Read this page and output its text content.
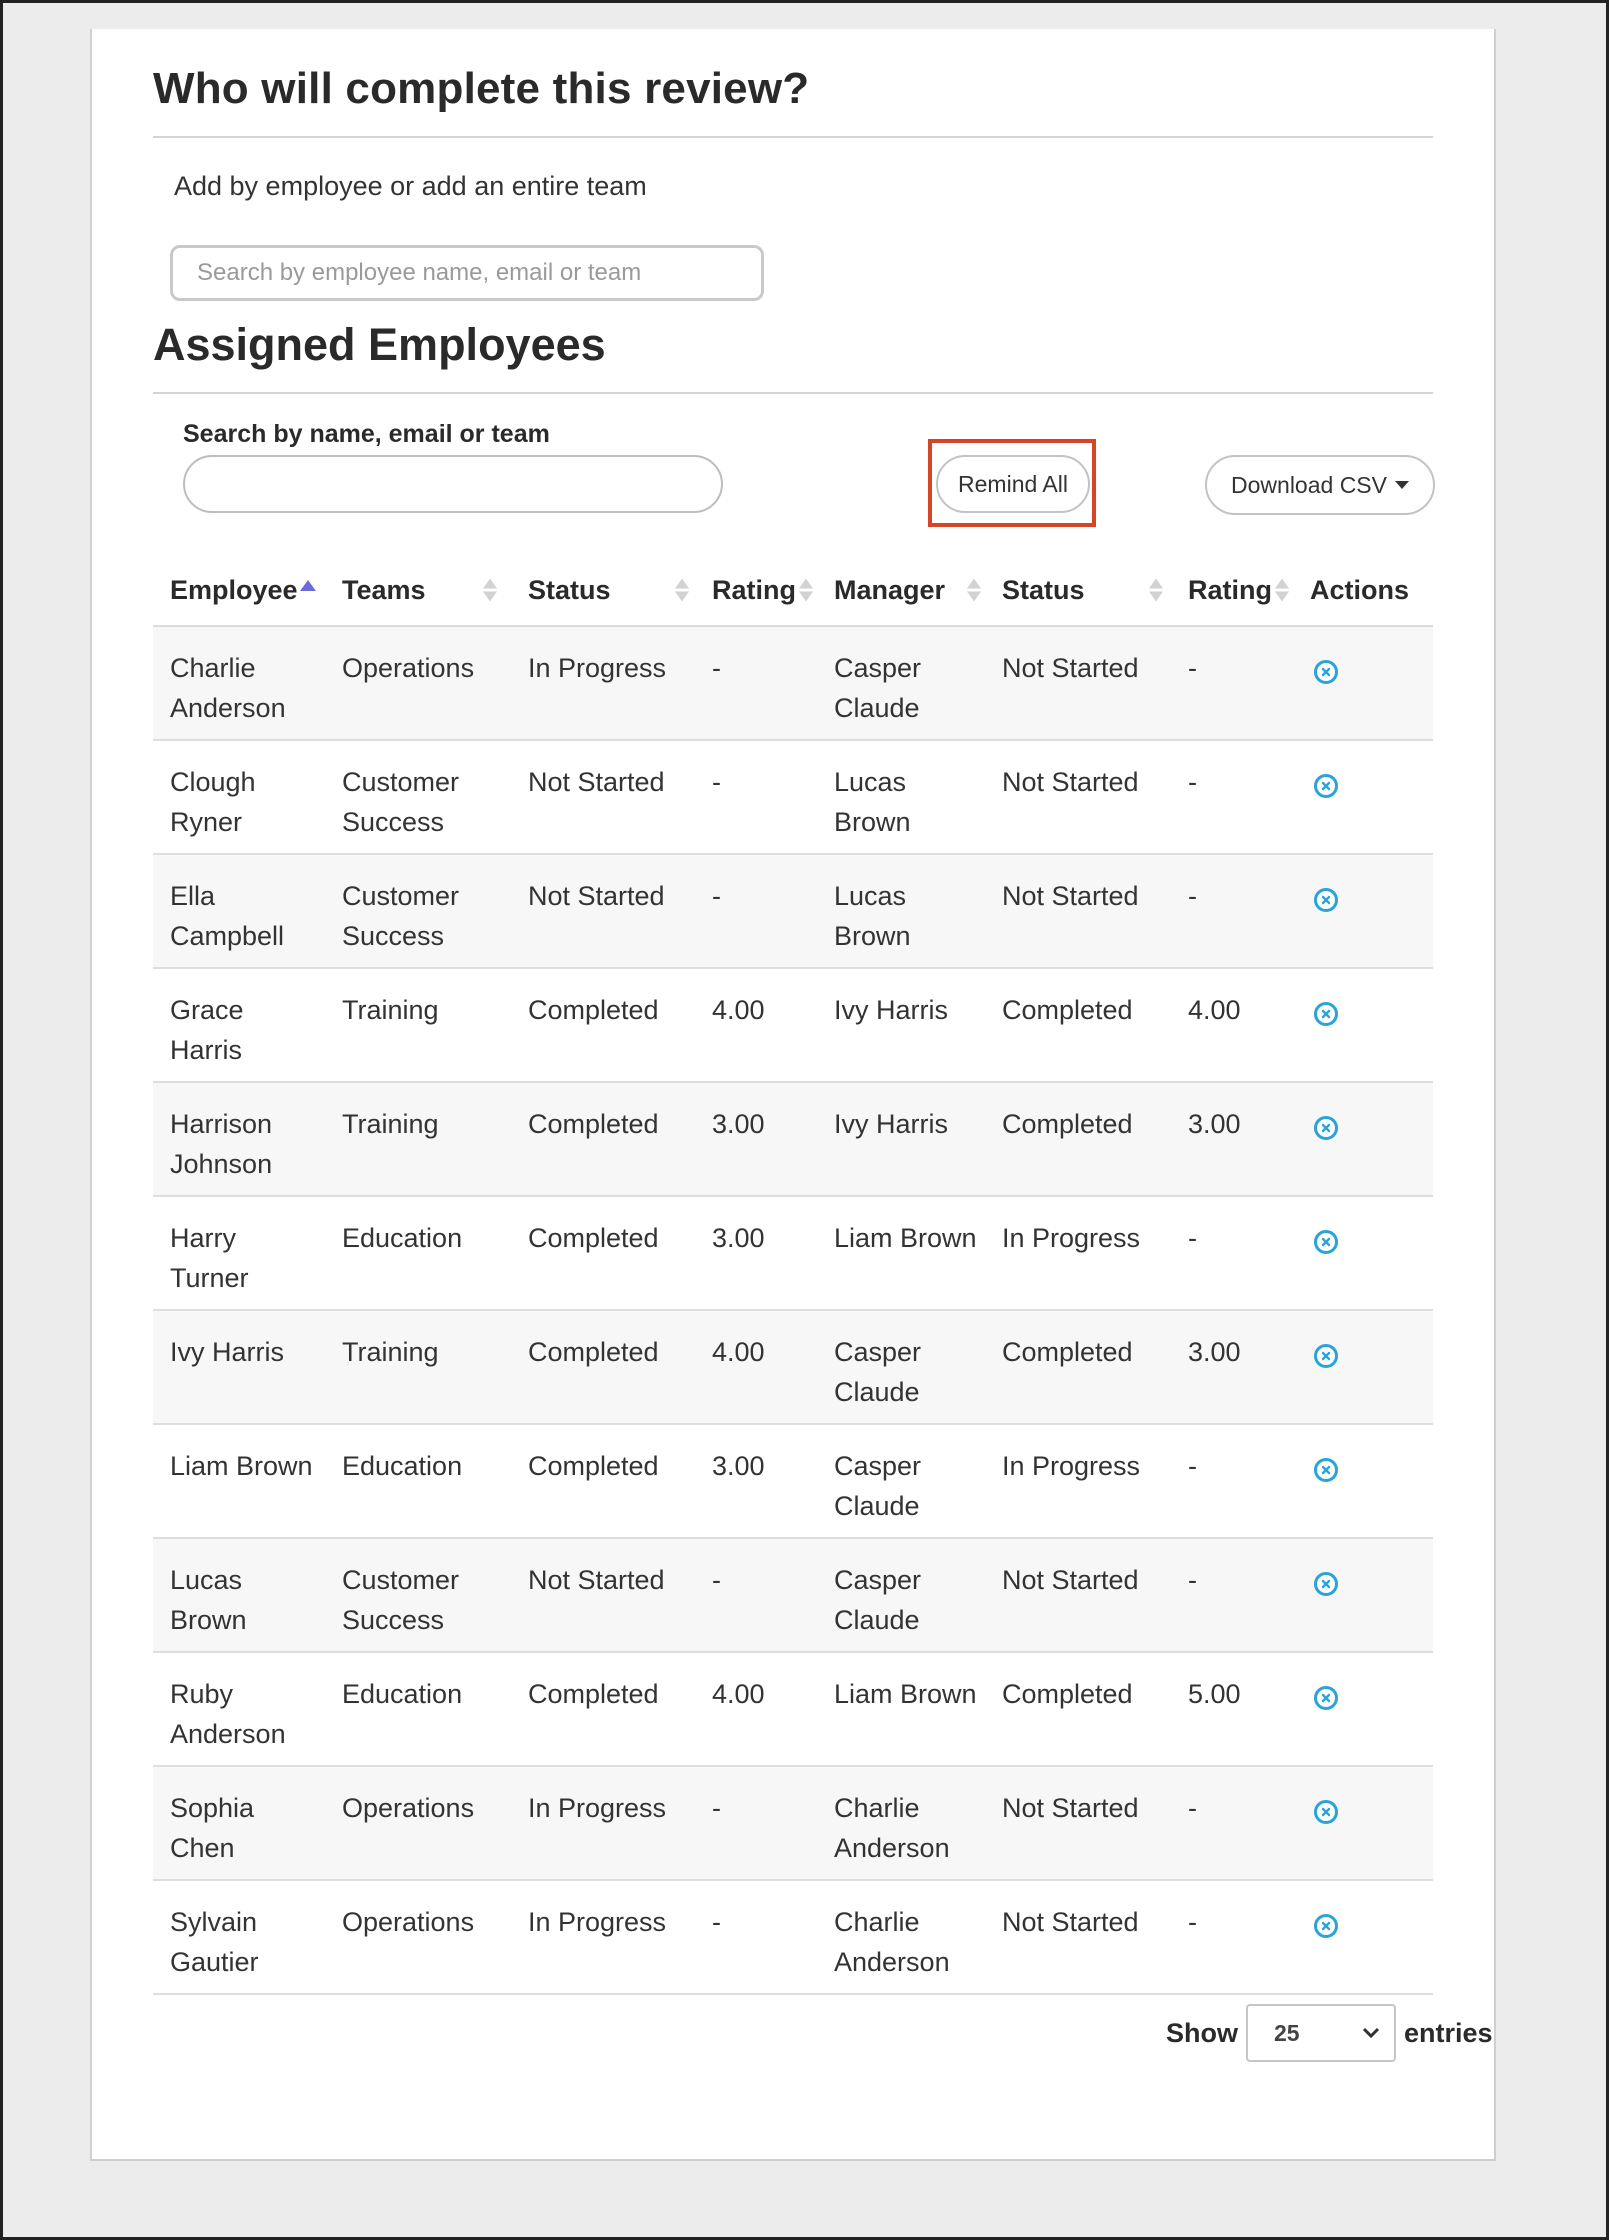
Who will complete this review?
Add by employee or add an entire team
Search by employee name, email or team
Assigned Employees
Search by name, email or team
Remind All	Download CSV
Employee	Teams	Status	Rating	Manager	Status	Rating	Actions
Charlie Anderson	Operations	In Progress	-	Casper Claude	Not Started	-	

Clough Ryner	Customer Success	Not Started	-	Lucas Brown	Not Started	-	

Ella Campbell	Customer Success	Not Started	-	Lucas Brown	Not Started	-	

Grace Harris	Training	Completed	4.00	Ivy Harris	Completed	4.00	

Harrison Johnson	Training	Completed	3.00	Ivy Harris	Completed	3.00	

Harry Turner	Education	Completed	3.00	Liam Brown	In Progress	-	

Ivy Harris	Training	Completed	4.00	Casper Claude	Completed	3.00	

Liam Brown	Education	Completed	3.00	Casper Claude	In Progress	-	

Lucas Brown	Customer Success	Not Started	-	Casper Claude	Not Started	-	

Ruby Anderson	Education	Completed	4.00	Liam Brown	Completed	5.00	

Sophia Chen	Operations	In Progress	-	Charlie Anderson	Not Started	-	

Sylvain Gautier	Operations	In Progress	-	Charlie Anderson	Not Started	-	
Show 25	entries
